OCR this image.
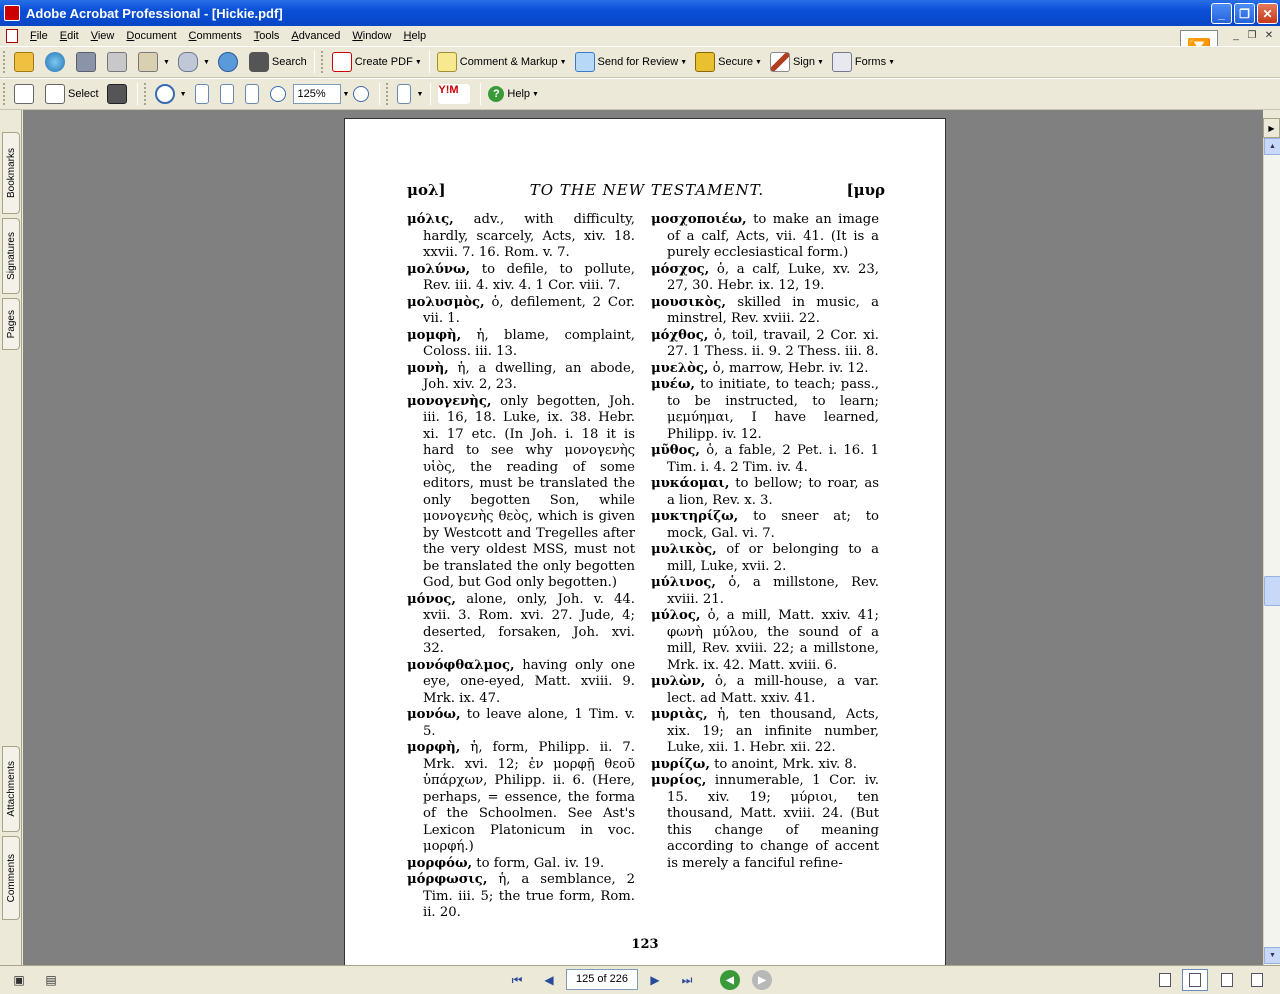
Adobe Acrobat Professional - [Hickie.pdf]	_	❐	✕
File	Edit	View	Document	Comments	Tools	Advanced	Window	Help	_ ❐ ✕
▼	▼	Search	Create PDF ▼	Comment & Markup ▼	Send for Review ▼	Secure ▼	Sign ▼	Forms ▼
Select	▼
125%	▼	▼ Y!M	? Help ▼
Bookmarks
Signatures
Pages
Attachments
Comments
μολ]	TO THE NEW TESTAMENT.	[μυρ

μόλις, adv., with difficulty, hardly, scarcely, Acts, xiv. 18. xxvii. 7. 16. Rom. v. 7.

μολύνω, to defile, to pollute, Rev. iii. 4. xiv. 4. 1 Cor. viii. 7.

μολυσμὸς, ὁ, defilement, 2 Cor. vii. 1.

μομφὴ, ἡ, blame, complaint, Coloss. iii. 13.

μονὴ, ἡ, a dwelling, an abode, Joh. xiv. 2, 23.

μονογενὴς, only begotten, Joh. iii. 16, 18. Luke, ix. 38. Hebr. xi. 17 etc. (In Joh. i. 18 it is hard to see why μονογενὴς υἱὸς, the reading of some editors, must be translated the only begotten Son, while μονογενὴς θεὸς, which is given by Westcott and Tregelles after the very oldest MSS, must not be translated the only begotten God, but God only begotten.)

μόνος, alone, only, Joh. v. 44. xvii. 3. Rom. xvi. 27. Jude, 4; deserted, forsaken, Joh. xvi. 32.

μονόφθαλμος, having only one eye, one-eyed, Matt. xviii. 9. Mrk. ix. 47.

μονόω, to leave alone, 1 Tim. v. 5.

μορφὴ, ἡ, form, Philipp. ii. 7. Mrk. xvi. 12; ἐν μορφῇ θεοῦ ὑπάρχων, Philipp. ii. 6. (Here, perhaps, = essence, the forma of the Schoolmen. See Ast's Lexicon Platonicum in voc. μορφή.)

μορφόω, to form, Gal. iv. 19.

μόρφωσις, ἡ, a semblance, 2 Tim. iii. 5; the true form, Rom. ii. 20.

μοσχοποιέω, to make an image of a calf, Acts, vii. 41. (It is a purely ecclesiastical form.)

μόσχος, ὁ, a calf, Luke, xv. 23, 27, 30. Hebr. ix. 12, 19.

μουσικὸς, skilled in music, a minstrel, Rev. xviii. 22.

μόχθος, ὁ, toil, travail, 2 Cor. xi. 27. 1 Thess. ii. 9. 2 Thess. iii. 8.

μυελὸς, ὁ, marrow, Hebr. iv. 12.

μυέω, to initiate, to teach; pass., to be instructed, to learn; μεμύημαι, I have learned, Philipp. iv. 12.

μῦθος, ὁ, a fable, 2 Pet. i. 16. 1 Tim. i. 4. 2 Tim. iv. 4.

μυκάομαι, to bellow; to roar, as a lion, Rev. x. 3.

μυκτηρίζω, to sneer at; to mock, Gal. vi. 7.

μυλικὸς, of or belonging to a mill, Luke, xvii. 2.

μύλινος, ὁ, a millstone, Rev. xviii. 21.

μύλος, ὁ, a mill, Matt. xxiv. 41; φωνὴ μύλου, the sound of a mill, Rev. xviii. 22; a millstone, Mrk. ix. 42. Matt. xviii. 6.

μυλὼν, ὁ, a mill-house, a var. lect. ad Matt. xxiv. 41.

μυριὰς, ἡ, ten thousand, Acts, xix. 19; an infinite number, Luke, xii. 1. Hebr. xii. 22.

μυρίζω, to anoint, Mrk. xiv. 8.

μυρίος, innumerable, 1 Cor. iv. 15. xiv. 19; μύριοι, ten thousand, Matt. xviii. 24. (But this change of meaning according to change of accent is merely a fanciful refine-

123
▲
▼
▶
▣	▤	⏮	◀	125 of 226	▶	⏭	◀	▶
